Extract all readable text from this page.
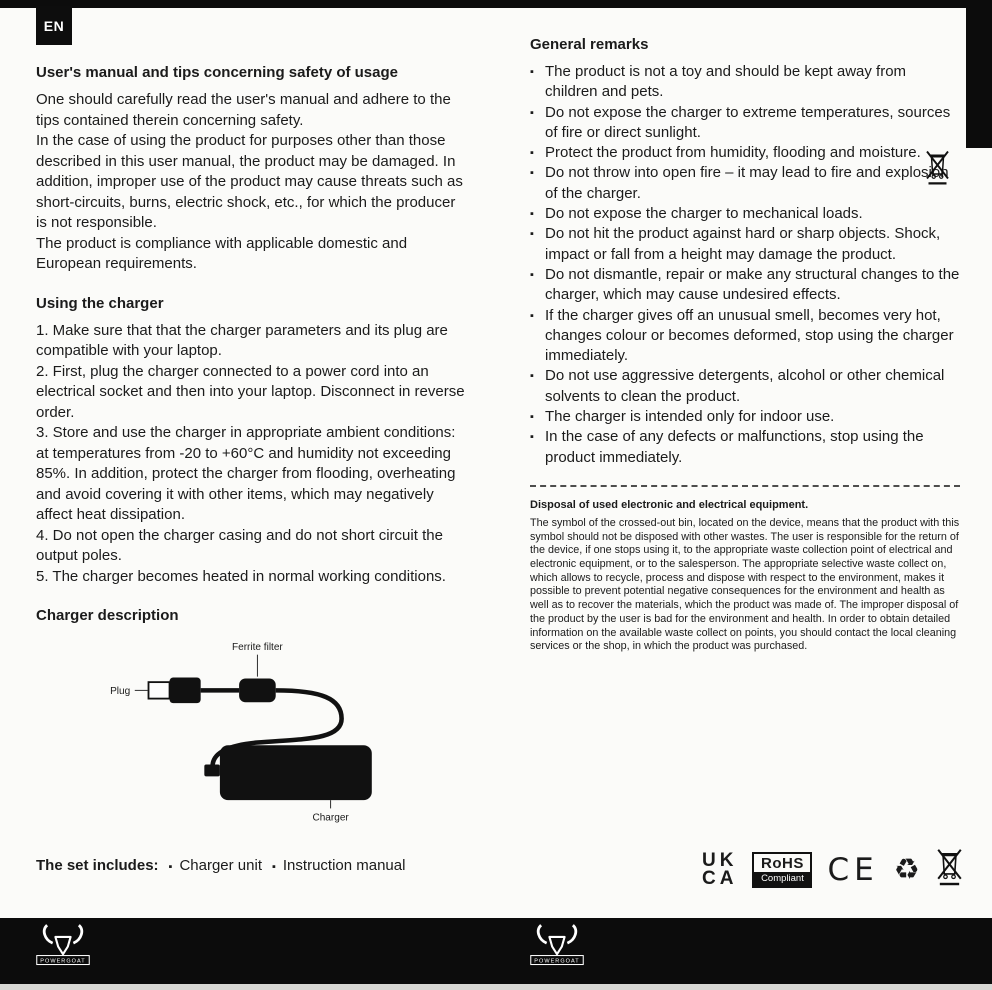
EN
User's manual and tips concerning safety of usage

One should carefully read the user's manual and adhere to the tips contained therein concerning safety.

In the case of using the product for purposes other than those described in this user manual, the product may be damaged. In addition, improper use of the product may cause threats such as short-circuits, burns, electric shock, etc., for which the producer is not responsible.

The product is compliance with applicable domestic and European requirements.

Using the charger

1. Make sure that that the charger parameters and its plug are compatible with your laptop.

2. First, plug the charger connected to a power cord into an electrical socket and then into your laptop. Disconnect in reverse order.

3. Store and use the charger in appropriate ambient conditions: at temperatures from -20 to +60°C and humidity not exceeding 85%. In addition, protect the charger from flooding, overheating and avoid covering it with other items, which may negatively affect heat dissipation.

4. Do not open the charger casing and do not short circuit the output poles.

5. The charger becomes heated in normal working conditions.

Charger description
Ferrite filter
Plug
Charger
The set includes:	▪ Charger unit	▪ Instruction manual
General remarks
▪ The product is not a toy and should be kept away from children and pets.
▪ Do not expose the charger to extreme temperatures, sources of fire or direct sunlight.
▪ Protect the product from humidity, flooding and moisture.
▪ Do not throw into open fire – it may lead to fire and explosion of the charger.
▪ Do not expose the charger to mechanical loads.
▪ Do not hit the product against hard or sharp objects. Shock, impact or fall from a height may damage the product.
▪ Do not dismantle, repair or make any structural changes to the charger, which may cause undesired effects.
▪ If the charger gives off an unusual smell, becomes very hot, changes colour or becomes deformed, stop using the charger immediately.
▪ Do not use aggressive detergents, alcohol or other chemical solvents to clean the product.
▪ The charger is intended only for indoor use.
▪ In the case of any defects or malfunctions, stop using the product immediately.
Disposal of used electronic and electrical equipment.

The symbol of the crossed-out bin, located on the device, means that the product with this symbol should not be disposed with other wastes. The user is responsible for the return of the device, if one stops using it, to the appropriate waste collection point of electrical and electronic equipment, or to the salesperson. The appropriate selective waste collect on, which allows to recycle, process and dispose with respect to the environment, makes it possible to prevent potential negative consequences for the environment and health as well as to recover the materials, which the product was made of. The improper disposal of the product by the user is bad for the environment and health. In order to obtain detailed information on the available waste collect on points, you should contact the local cleaning services or the shop, in which the product was purchased.

UK
CA
RoHS
Compliant CE ♻
POWERGOAT	POWERGOAT
